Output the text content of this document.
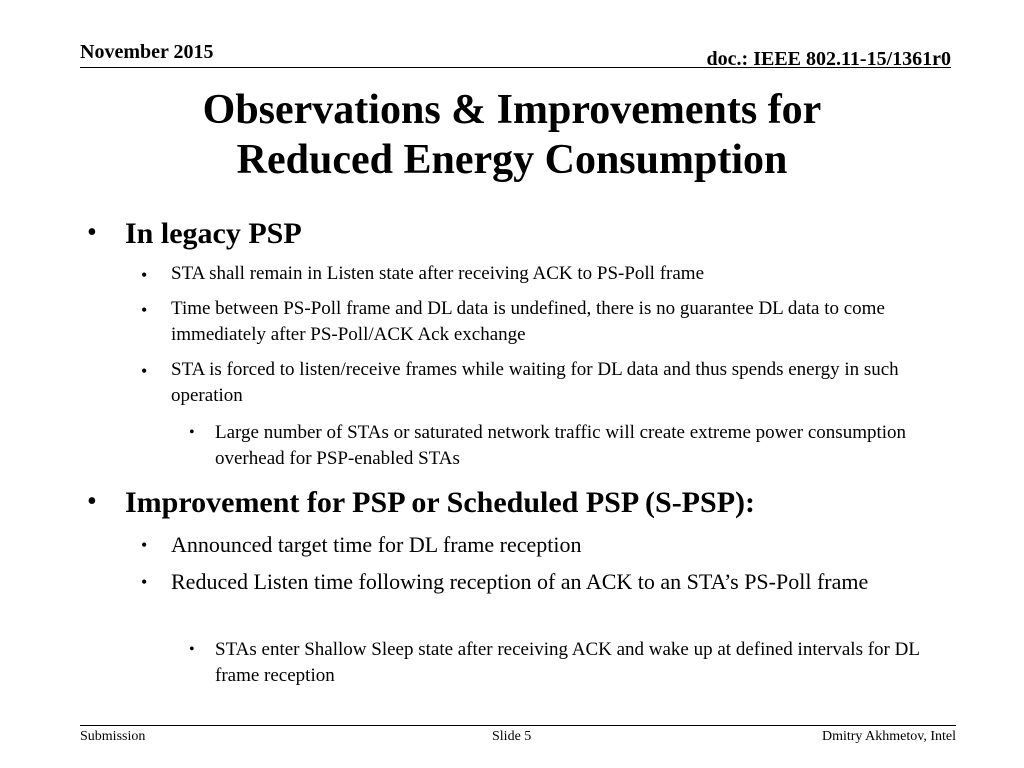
November 2015	doc.: IEEE 802.11-15/1361r0
Observations & Improvements for
Reduced Energy Consumption
• In legacy PSP
• STA shall remain in Listen state after receiving ACK to PS-Poll frame
• Time between PS-Poll frame and DL data is undefined, there is no guarantee DL data to come immediately after PS-Poll/ACK Ack exchange
• STA is forced to listen/receive frames while waiting for DL data and thus spends energy in such operation
• Large number of STAs or saturated network traffic will create extreme power consumption overhead for PSP-enabled STAs
• Improvement for PSP or Scheduled PSP (S-PSP):
• Announced target time for DL frame reception
• Reduced Listen time following reception of an ACK to an STA’s PS-Poll frame
• STAs enter Shallow Sleep state after receiving ACK and wake up at defined intervals for DL frame reception
Submission	Slide 5	Dmitry Akhmetov, Intel
